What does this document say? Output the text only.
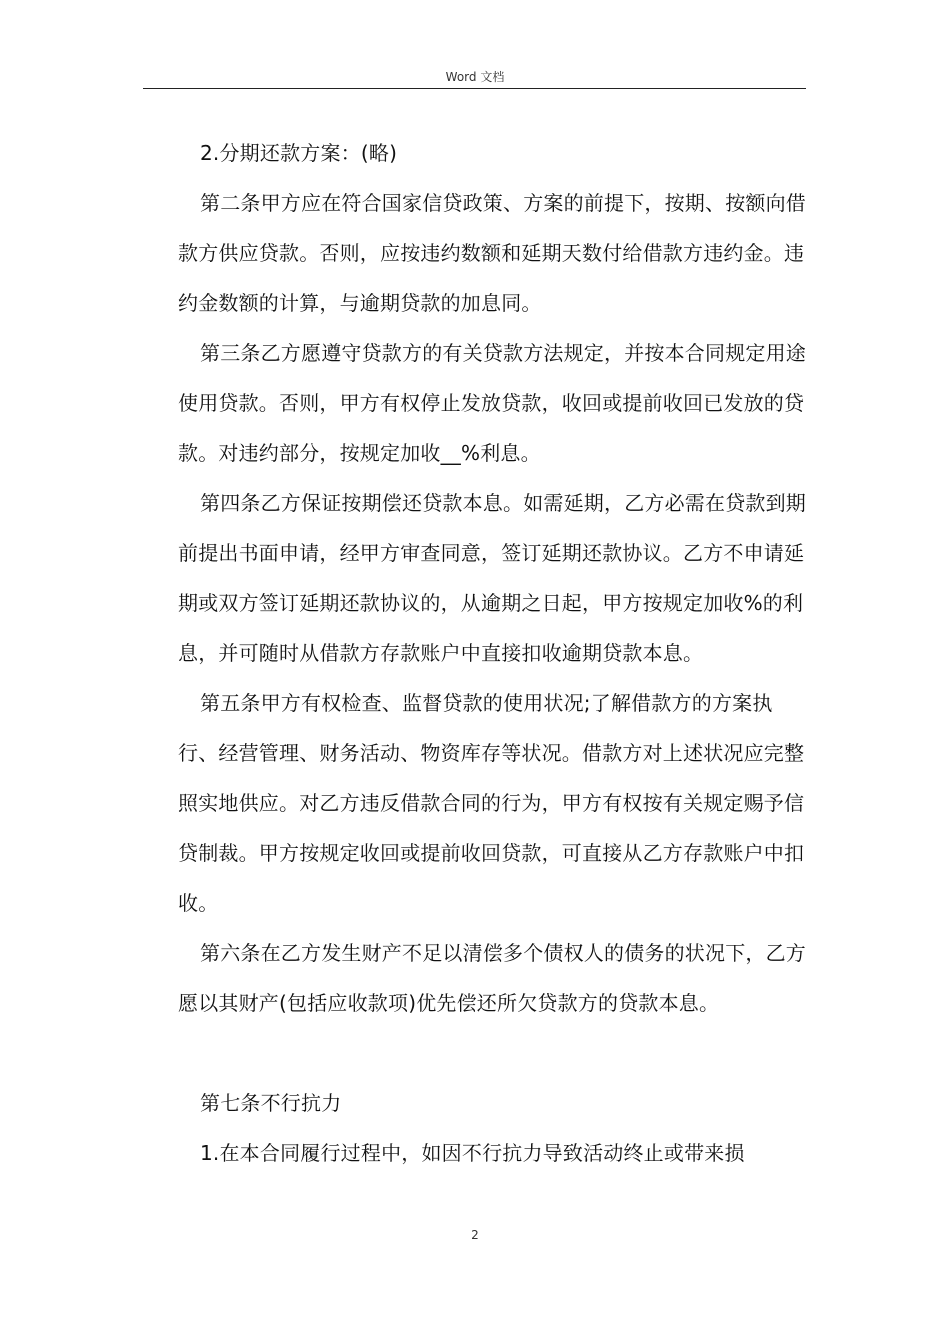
Word 文档

2.分期还款方案：(略)

第二条甲方应在符合国家信贷政策、方案的前提下，按期、按额向借款方供应贷款。否则，应按违约数额和延期天数付给借款方违约金。违约金数额的计算，与逾期贷款的加息同。

第三条乙方愿遵守贷款方的有关贷款方法规定，并按本合同规定用途使用贷款。否则，甲方有权停止发放贷款，收回或提前收回已发放的贷款。对违约部分，按规定加收__%利息。

第四条乙方保证按期偿还贷款本息。如需延期，乙方必需在贷款到期前提出书面申请，经甲方审查同意，签订延期还款协议。乙方不申请延期或双方签订延期还款协议的，从逾期之日起，甲方按规定加收%的利息，并可随时从借款方存款账户中直接扣收逾期贷款本息。

第五条甲方有权检查、监督贷款的使用状况;了解借款方的方案执行、经营管理、财务活动、物资库存等状况。借款方对上述状况应完整照实地供应。对乙方违反借款合同的行为，甲方有权按有关规定赐予信贷制裁。甲方按规定收回或提前收回贷款，可直接从乙方存款账户中扣收。

第六条在乙方发生财产不足以清偿多个债权人的债务的状况下，乙方愿以其财产(包括应收款项)优先偿还所欠贷款方的贷款本息。

第七条不行抗力

1.在本合同履行过程中，如因不行抗力导致活动终止或带来损

2
